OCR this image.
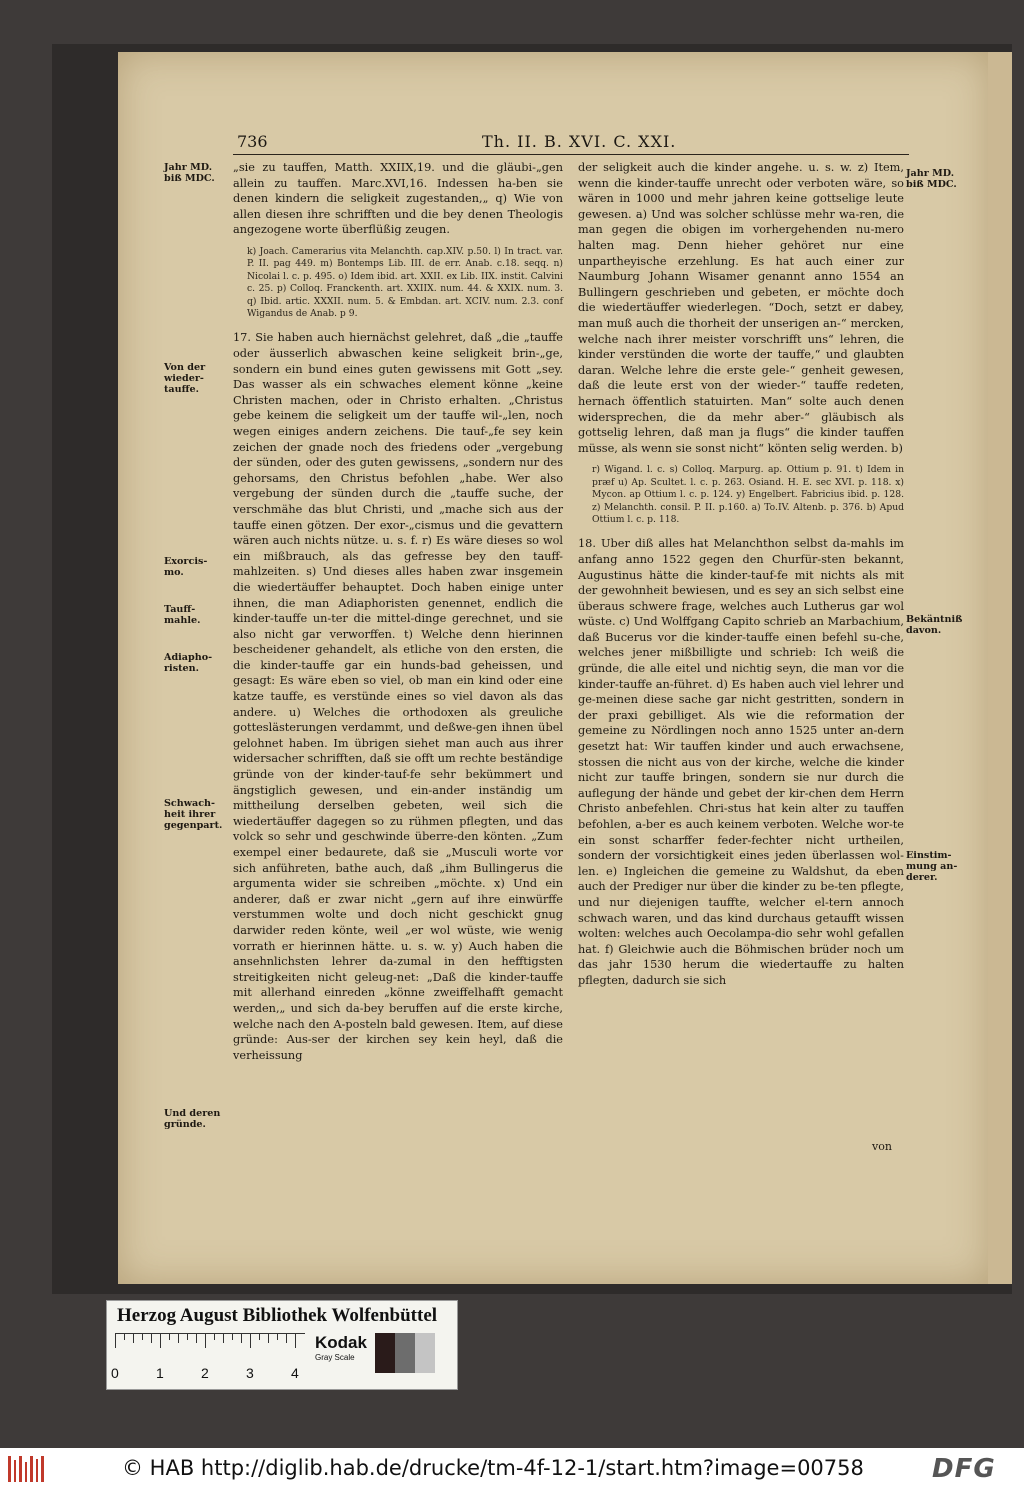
736	Th. II. B. XVI. C. XXI.
Jahr MD. biß MDC.
Von der wieder-tauffe.
Exorcis-mo.
Tauff-mahle.
Adiapho-risten.
Schwach-heit ihrer gegenpart.
Und deren gründe.
Jahr MD. biß MDC.
Bekäntniß davon.
Einstim-mung an-derer.

„sie zu tauffen, Matth. XXIIX,19. und die gläubi-„gen allein zu tauffen. Marc.XVI,16. Indessen ha-ben sie denen kindern die seligkeit zugestanden,„ q) Wie von allen diesen ihre schrifften und die bey denen Theologis angezogene worte überflüßig zeugen.

k) Joach. Camerarius vita Melanchth. cap.XIV. p.50. l) In tract. var. P. II. pag 449. m) Bontemps Lib. III. de err. Anab. c.18. seqq. n) Nicolai l. c. p. 495. o) Idem ibid. art. XXII. ex Lib. IIX. instit. Calvini c. 25. p) Colloq. Franckenth. art. XXIIX. num. 44. & XXIX. num. 3. q) Ibid. artic. XXXII. num. 5. & Embdan. art. XCIV. num. 2.3. conf Wigandus de Anab. p 9.

17. Sie haben auch hiernächst gelehret, daß „die „tauffe oder äusserlich abwaschen keine seligkeit brin-„ge, sondern ein bund eines guten gewissens mit Gott „sey. Das wasser als ein schwaches element könne „keine Christen machen, oder in Christo erhalten. „Christus gebe keinem die seligkeit um der tauffe wil-„len, noch wegen einiges andern zeichens. Die tauf-„fe sey kein zeichen der gnade noch des friedens oder „vergebung der sünden, oder des guten gewissens, „sondern nur des gehorsams, den Christus befohlen „habe. Wer also vergebung der sünden durch die „tauffe suche, der verschmähe das blut Christi, und „mache sich aus der tauffe einen götzen. Der exor-„cismus und die gevattern wären auch nichts nütze. u. s. f. r) Es wäre dieses so wol ein mißbrauch, als das gefresse bey den tauff-mahlzeiten. s) Und dieses alles haben zwar insgemein die wiedertäuffer behauptet. Doch haben einige unter ihnen, die man Adiaphoristen genennet, endlich die kinder-tauffe un-ter die mittel-dinge gerechnet, und sie also nicht gar verworffen. t) Welche denn hierinnen bescheidener gehandelt, als etliche von den ersten, die die kinder-tauffe gar ein hunds-bad geheissen, und gesagt: Es wäre eben so viel, ob man ein kind oder eine katze tauffe, es verstünde eines so viel davon als das andere. u) Welches die orthodoxen als greuliche gotteslästerungen verdammt, und deßwe-gen ihnen übel gelohnet haben. Im übrigen siehet man auch aus ihrer widersacher schrifften, daß sie offt um rechte beständige gründe von der kinder-tauf-fe sehr bekümmert und ängstiglich gewesen, und ein-ander inständig um mittheilung derselben gebeten, weil sich die wiedertäuffer dagegen so zu rühmen pflegten, und das volck so sehr und geschwinde überre-den könten. „Zum exempel einer bedaurete, daß sie „Musculi worte vor sich anführeten, bathe auch, daß „ihm Bullingerus die argumenta wider sie schreiben „möchte. x) Und ein anderer, daß er zwar nicht „gern auf ihre einwürffe verstummen wolte und doch nicht geschickt gnug darwider reden könte, weil „er wol wüste, wie wenig vorrath er hierinnen hätte. u. s. w. y) Auch haben die ansehnlichsten lehrer da-zumal in den hefftigsten streitigkeiten nicht geleug-net: „Daß die kinder-tauffe mit allerhand einreden „könne zweiffelhafft gemacht werden,„ und sich da-bey beruffen auf die erste kirche, welche nach den A-posteln bald gewesen. Item, auf diese gründe: Aus-ser der kirchen sey kein heyl, daß die verheissung

der seligkeit auch die kinder angehe. u. s. w. z) Item, wenn die kinder-tauffe unrecht oder verboten wäre, so wären in 1000 und mehr jahren keine gottselige leute gewesen. a) Und was solcher schlüsse mehr wa-ren, die man gegen die obigen im vorhergehenden nu-mero halten mag. Denn hieher gehöret nur eine unpartheyische erzehlung. Es hat auch einer zur Naumburg Johann Wisamer genannt anno 1554 an Bullingern geschrieben und gebeten, er möchte doch die wiedertäuffer wiederlegen. “Doch, setzt er dabey, man muß auch die thorheit der unserigen an-“ mercken, welche nach ihrer meister vorschrifft uns“ lehren, die kinder verstünden die worte der tauffe,“ und glaubten daran. Welche lehre die erste gele-“ genheit gewesen, daß die leute erst von der wieder-“ tauffe redeten, hernach öffentlich statuirten. Man“ solte auch denen widersprechen, die da mehr aber-“ gläubisch als gottselig lehren, daß man ja flugs“ die kinder tauffen müsse, als wenn sie sonst nicht“ könten selig werden. b)

r) Wigand. l. c. s) Colloq. Marpurg. ap. Ottium p. 91. t) Idem in præf u) Ap. Scultet. l. c. p. 263. Osiand. H. E. sec XVI. p. 118. x) Mycon. ap Ottium l. c. p. 124. y) Engelbert. Fabricius ibid. p. 128. z) Melanchth. consil. P. II. p.160. a) To.IV. Altenb. p. 376. b) Apud Ottium l. c. p. 118.

18. Uber diß alles hat Melanchthon selbst da-mahls im anfang anno 1522 gegen den Churfür-sten bekannt, Augustinus hätte die kinder-tauf-fe mit nichts als mit der gewohnheit bewiesen, und es sey an sich selbst eine überaus schwere frage, welches auch Lutherus gar wol wüste. c) Und Wolffgang Capito schrieb an Marbachium, daß Bucerus vor die kinder-tauffe einen befehl su-che, welches jener mißbilligte und schrieb: Ich weiß die gründe, die alle eitel und nichtig seyn, die man vor die kinder-tauffe an-führet. d) Es haben auch viel lehrer und ge-meinen diese sache gar nicht gestritten, sondern in der praxi gebilliget. Als wie die reformation der gemeine zu Nördlingen noch anno 1525 unter an-dern gesetzt hat: Wir tauffen kinder und auch erwachsene, stossen die nicht aus von der kirche, welche die kinder nicht zur tauffe bringen, sondern sie nur durch die auflegung der hände und gebet der kir-chen dem Herrn Christo anbefehlen. Chri-stus hat kein alter zu tauffen befohlen, a-ber es auch keinem verboten. Welche wor-te ein sonst scharffer feder-fechter nicht urtheilen, sondern der vorsichtigkeit eines jeden überlassen wol-len. e) Ingleichen die gemeine zu Waldshut, da eben auch der Prediger nur über die kinder zu be-ten pflegte, und nur diejenigen tauffte, welcher el-tern annoch schwach waren, und das kind durchaus getaufft wissen wolten: welches auch Oecolampa-dio sehr wohl gefallen hat. f) Gleichwie auch die Böhmischen brüder noch um das jahr 1530 herum die wiedertauffe zu halten pflegten, dadurch sie sich

von
Herzog August Bibliothek Wolfenbüttel
0	1	2	3	4
Kodak
Gray Scale
© HAB http://diglib.hab.de/drucke/tm-4f-12-1/start.htm?image=00758	DFG
